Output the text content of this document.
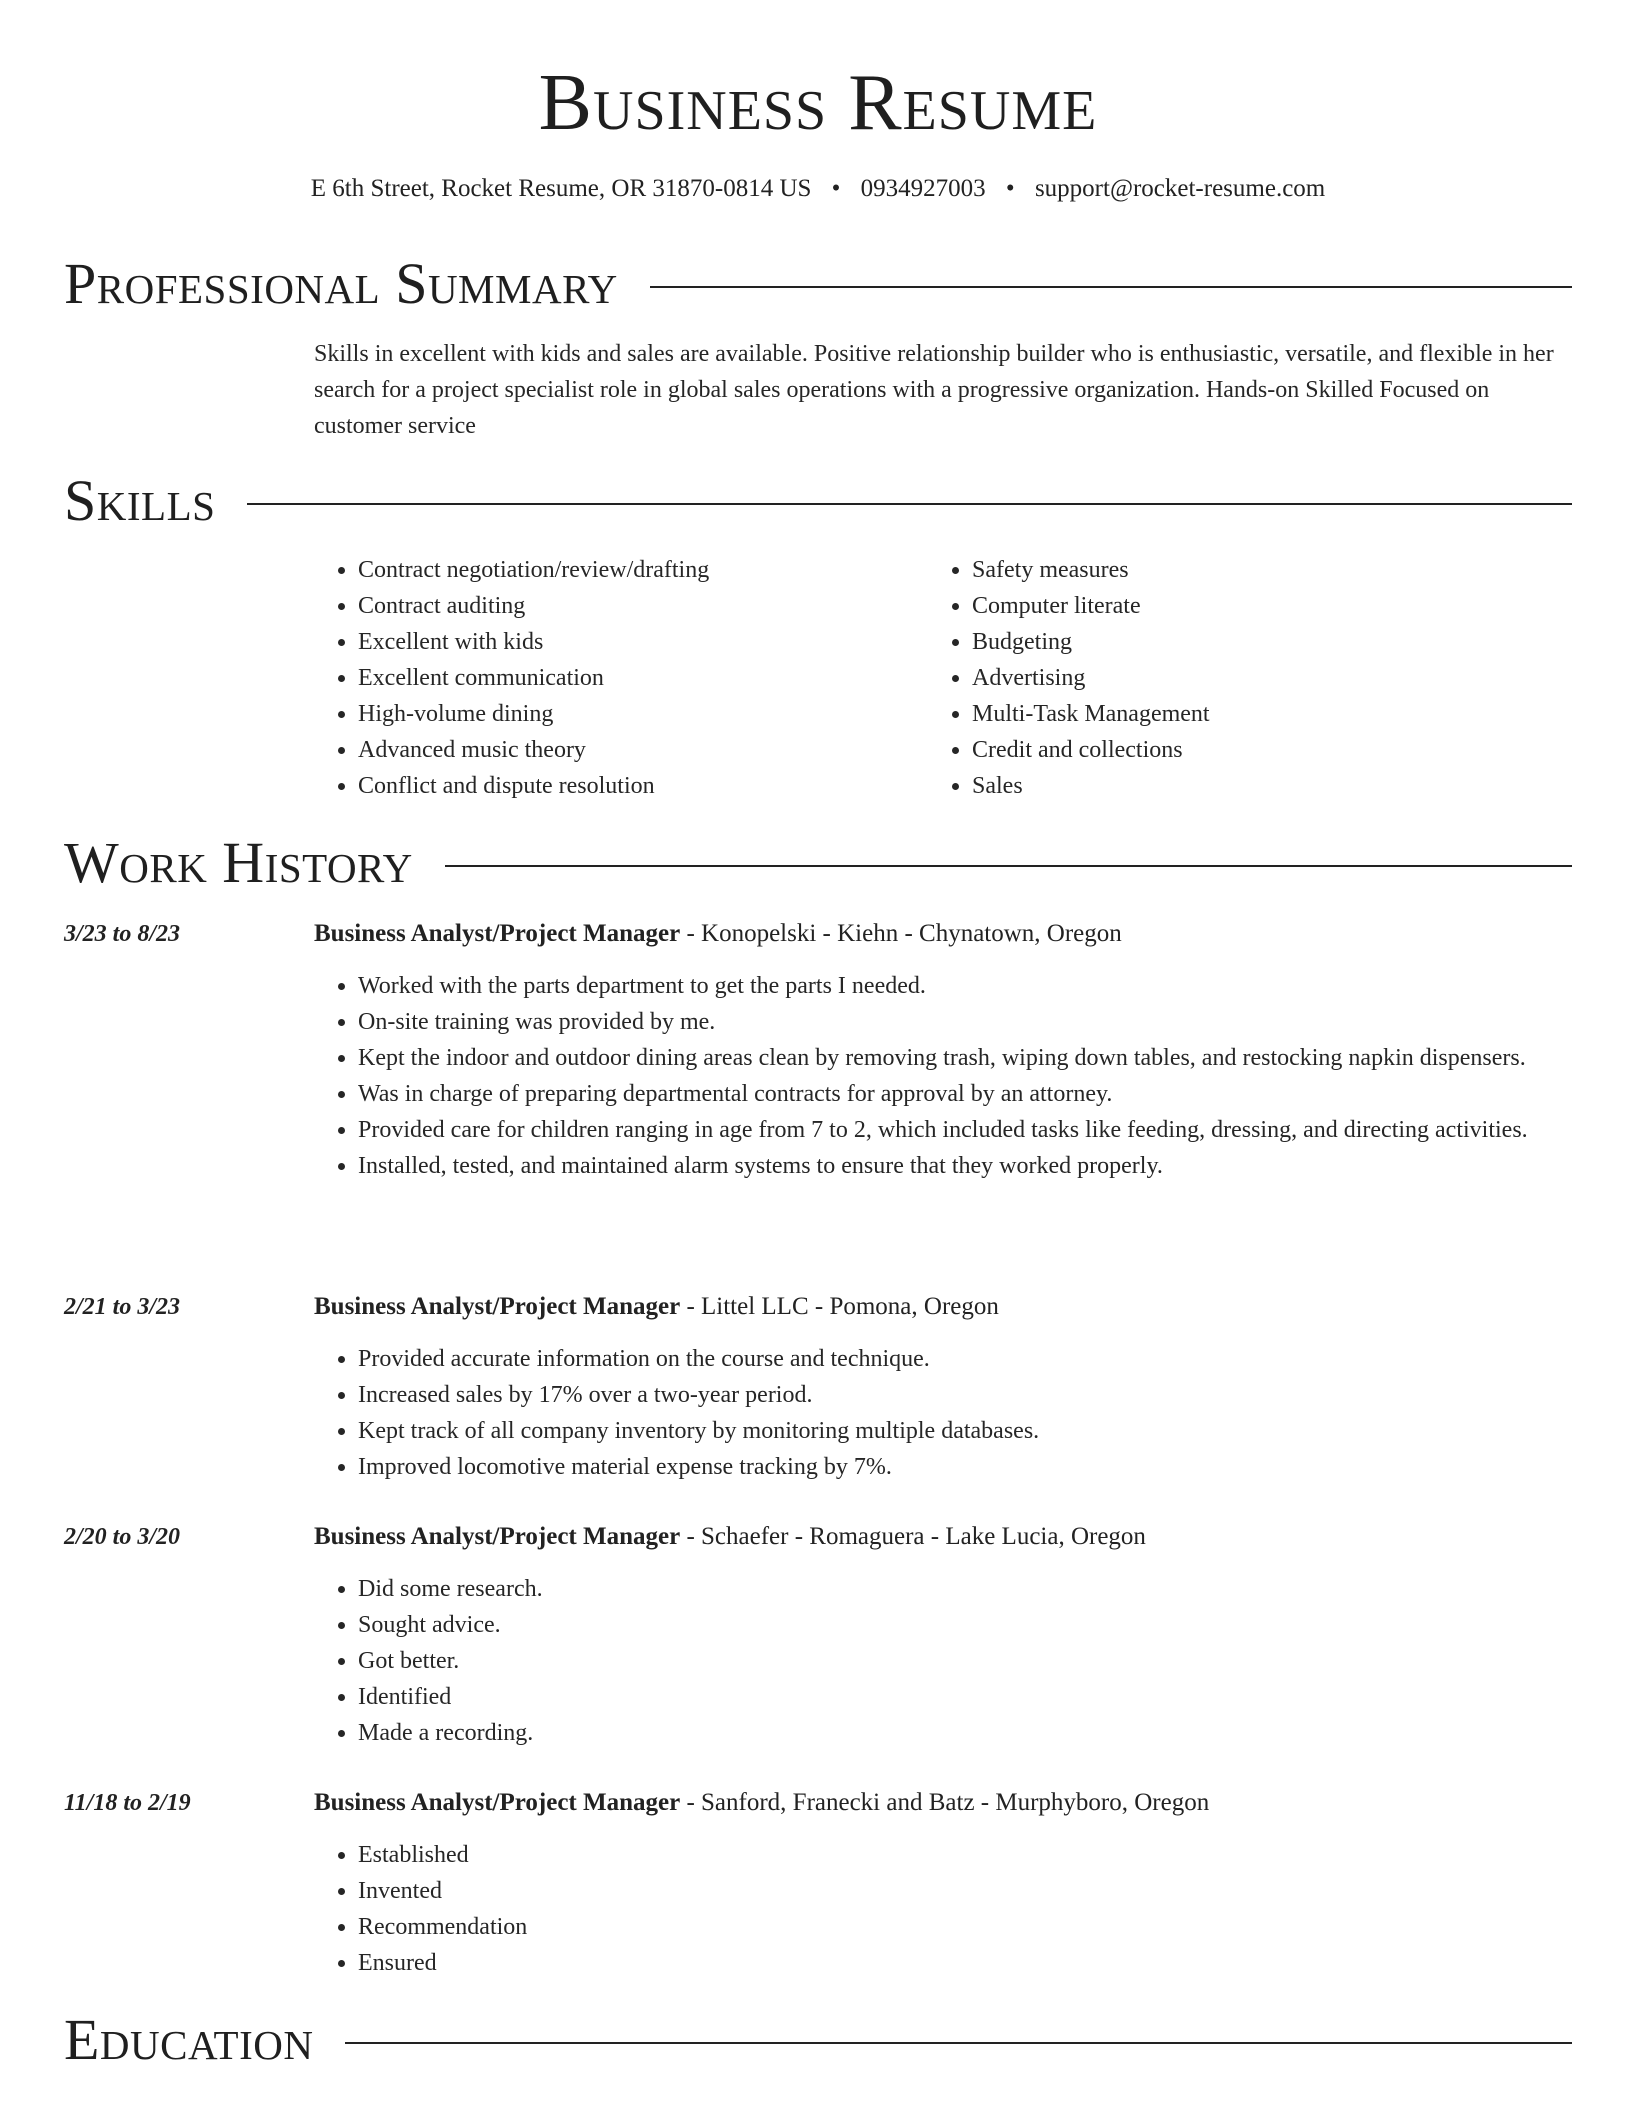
Business Resume
E 6th Street, Rocket Resume, OR 31870-0814 US • 0934927003 • support@rocket-resume.com
Professional Summary

Skills in excellent with kids and sales are available. Positive relationship builder who is enthusiastic, versatile, and flexible in her search for a project specialist role in global sales operations with a progressive organization. Hands-on Skilled Focused on customer service

Skills
• Contract negotiation/review/drafting
• Contract auditing
• Excellent with kids
• Excellent communication
• High-volume dining
• Advanced music theory
• Conflict and dispute resolution
• Safety measures
• Computer literate
• Budgeting
• Advertising
• Multi-Task Management
• Credit and collections
• Sales
Work History
3/23 to 8/23	Business Analyst/Project Manager - Konopelski - Kiehn - Chynatown, Oregon
• Worked with the parts department to get the parts I needed.
• On-site training was provided by me.
• Kept the indoor and outdoor dining areas clean by removing trash, wiping down tables, and restocking napkin dispensers.
• Was in charge of preparing departmental contracts for approval by an attorney.
• Provided care for children ranging in age from 7 to 2, which included tasks like feeding, dressing, and directing activities.
• Installed, tested, and maintained alarm systems to ensure that they worked properly.
2/21 to 3/23	Business Analyst/Project Manager - Littel LLC - Pomona, Oregon
• Provided accurate information on the course and technique.
• Increased sales by 17% over a two-year period.
• Kept track of all company inventory by monitoring multiple databases.
• Improved locomotive material expense tracking by 7%.
2/20 to 3/20	Business Analyst/Project Manager - Schaefer - Romaguera - Lake Lucia, Oregon
• Did some research.
• Sought advice.
• Got better.
• Identified
• Made a recording.
11/18 to 2/19	Business Analyst/Project Manager - Sanford, Franecki and Batz - Murphyboro, Oregon
• Established
• Invented
• Recommendation
• Ensured
Education
